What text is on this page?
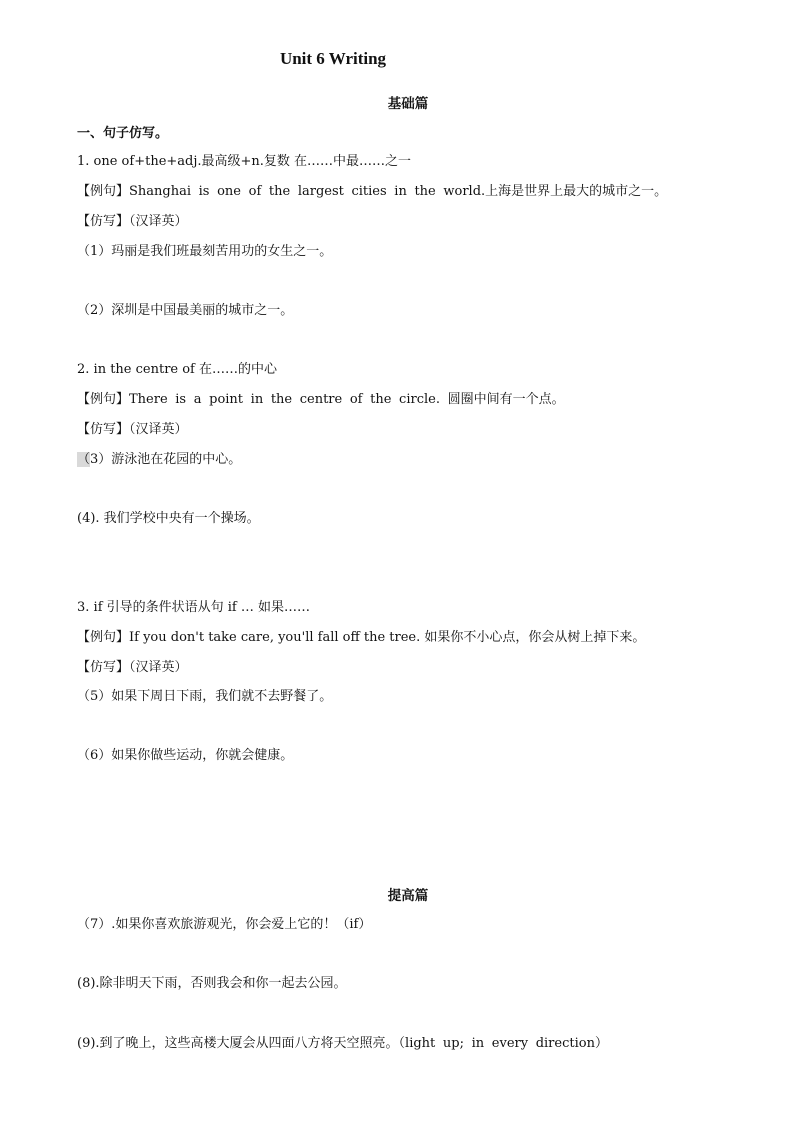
Unit 6 Writing
基础篇
一、句子仿写。
1. one of+the+adj.最高级+n.复数 在……中最……之一
【例句】Shanghai is one of the largest cities in the world.上海是世界上最大的城市之一。
【仿写】（汉译英）
（1）玛丽是我们班最刻苦用功的女生之一。
（2）深圳是中国最美丽的城市之一。
2. in the centre of 在……的中心
【例句】There is a point in the centre of the circle. 圆圈中间有一个点。
【仿写】（汉译英）
（3）游泳池在花园的中心。
(4). 我们学校中央有一个操场。
3. if 引导的条件状语从句 if … 如果……
【例句】If you don't take care, you'll fall off the tree. 如果你不小心点，你会从树上掉下来。
【仿写】（汉译英）
（5）如果下周日下雨，我们就不去野餐了。
（6）如果你做些运动，你就会健康。
提高篇
（7）.如果你喜欢旅游观光，你会爱上它的！（if）
(8).除非明天下雨，否则我会和你一起去公园。
(9).到了晚上，这些高楼大厦会从四面八方将天空照亮。（light up; in every direction）
